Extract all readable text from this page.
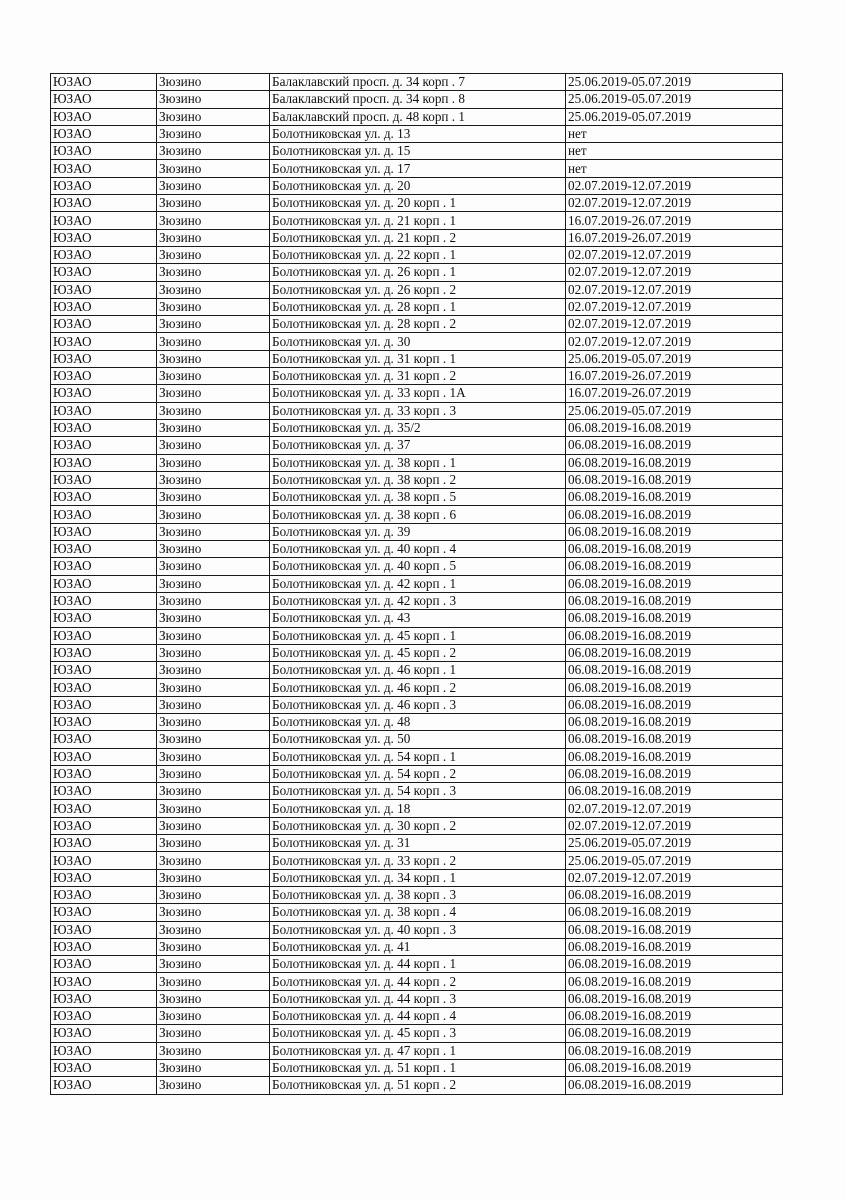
ЮЗАО	Зюзино	Балаклавский просп. д. 34 корп . 7	25.06.2019-05.07.2019
ЮЗАО	Зюзино	Балаклавский просп. д. 34 корп . 8	25.06.2019-05.07.2019
ЮЗАО	Зюзино	Балаклавский просп. д. 48 корп . 1	25.06.2019-05.07.2019
ЮЗАО	Зюзино	Болотниковская ул. д. 13	нет
ЮЗАО	Зюзино	Болотниковская ул. д. 15	нет
ЮЗАО	Зюзино	Болотниковская ул. д. 17	нет
ЮЗАО	Зюзино	Болотниковская ул. д. 20	02.07.2019-12.07.2019
ЮЗАО	Зюзино	Болотниковская ул. д. 20 корп . 1	02.07.2019-12.07.2019
ЮЗАО	Зюзино	Болотниковская ул. д. 21 корп . 1	16.07.2019-26.07.2019
ЮЗАО	Зюзино	Болотниковская ул. д. 21 корп . 2	16.07.2019-26.07.2019
ЮЗАО	Зюзино	Болотниковская ул. д. 22 корп . 1	02.07.2019-12.07.2019
ЮЗАО	Зюзино	Болотниковская ул. д. 26 корп . 1	02.07.2019-12.07.2019
ЮЗАО	Зюзино	Болотниковская ул. д. 26 корп . 2	02.07.2019-12.07.2019
ЮЗАО	Зюзино	Болотниковская ул. д. 28 корп . 1	02.07.2019-12.07.2019
ЮЗАО	Зюзино	Болотниковская ул. д. 28 корп . 2	02.07.2019-12.07.2019
ЮЗАО	Зюзино	Болотниковская ул. д. 30	02.07.2019-12.07.2019
ЮЗАО	Зюзино	Болотниковская ул. д. 31 корп . 1	25.06.2019-05.07.2019
ЮЗАО	Зюзино	Болотниковская ул. д. 31 корп . 2	16.07.2019-26.07.2019
ЮЗАО	Зюзино	Болотниковская ул. д. 33 корп . 1А	16.07.2019-26.07.2019
ЮЗАО	Зюзино	Болотниковская ул. д. 33 корп . 3	25.06.2019-05.07.2019
ЮЗАО	Зюзино	Болотниковская ул. д. 35/2	06.08.2019-16.08.2019
ЮЗАО	Зюзино	Болотниковская ул. д. 37	06.08.2019-16.08.2019
ЮЗАО	Зюзино	Болотниковская ул. д. 38 корп . 1	06.08.2019-16.08.2019
ЮЗАО	Зюзино	Болотниковская ул. д. 38 корп . 2	06.08.2019-16.08.2019
ЮЗАО	Зюзино	Болотниковская ул. д. 38 корп . 5	06.08.2019-16.08.2019
ЮЗАО	Зюзино	Болотниковская ул. д. 38 корп . 6	06.08.2019-16.08.2019
ЮЗАО	Зюзино	Болотниковская ул. д. 39	06.08.2019-16.08.2019
ЮЗАО	Зюзино	Болотниковская ул. д. 40 корп . 4	06.08.2019-16.08.2019
ЮЗАО	Зюзино	Болотниковская ул. д. 40 корп . 5	06.08.2019-16.08.2019
ЮЗАО	Зюзино	Болотниковская ул. д. 42 корп . 1	06.08.2019-16.08.2019
ЮЗАО	Зюзино	Болотниковская ул. д. 42 корп . 3	06.08.2019-16.08.2019
ЮЗАО	Зюзино	Болотниковская ул. д. 43	06.08.2019-16.08.2019
ЮЗАО	Зюзино	Болотниковская ул. д. 45 корп . 1	06.08.2019-16.08.2019
ЮЗАО	Зюзино	Болотниковская ул. д. 45 корп . 2	06.08.2019-16.08.2019
ЮЗАО	Зюзино	Болотниковская ул. д. 46 корп . 1	06.08.2019-16.08.2019
ЮЗАО	Зюзино	Болотниковская ул. д. 46 корп . 2	06.08.2019-16.08.2019
ЮЗАО	Зюзино	Болотниковская ул. д. 46 корп . 3	06.08.2019-16.08.2019
ЮЗАО	Зюзино	Болотниковская ул. д. 48	06.08.2019-16.08.2019
ЮЗАО	Зюзино	Болотниковская ул. д. 50	06.08.2019-16.08.2019
ЮЗАО	Зюзино	Болотниковская ул. д. 54 корп . 1	06.08.2019-16.08.2019
ЮЗАО	Зюзино	Болотниковская ул. д. 54 корп . 2	06.08.2019-16.08.2019
ЮЗАО	Зюзино	Болотниковская ул. д. 54 корп . 3	06.08.2019-16.08.2019
ЮЗАО	Зюзино	Болотниковская ул. д. 18	02.07.2019-12.07.2019
ЮЗАО	Зюзино	Болотниковская ул. д. 30 корп . 2	02.07.2019-12.07.2019
ЮЗАО	Зюзино	Болотниковская ул. д. 31	25.06.2019-05.07.2019
ЮЗАО	Зюзино	Болотниковская ул. д. 33 корп . 2	25.06.2019-05.07.2019
ЮЗАО	Зюзино	Болотниковская ул. д. 34 корп . 1	02.07.2019-12.07.2019
ЮЗАО	Зюзино	Болотниковская ул. д. 38 корп . 3	06.08.2019-16.08.2019
ЮЗАО	Зюзино	Болотниковская ул. д. 38 корп . 4	06.08.2019-16.08.2019
ЮЗАО	Зюзино	Болотниковская ул. д. 40 корп . 3	06.08.2019-16.08.2019
ЮЗАО	Зюзино	Болотниковская ул. д. 41	06.08.2019-16.08.2019
ЮЗАО	Зюзино	Болотниковская ул. д. 44 корп . 1	06.08.2019-16.08.2019
ЮЗАО	Зюзино	Болотниковская ул. д. 44 корп . 2	06.08.2019-16.08.2019
ЮЗАО	Зюзино	Болотниковская ул. д. 44 корп . 3	06.08.2019-16.08.2019
ЮЗАО	Зюзино	Болотниковская ул. д. 44 корп . 4	06.08.2019-16.08.2019
ЮЗАО	Зюзино	Болотниковская ул. д. 45 корп . 3	06.08.2019-16.08.2019
ЮЗАО	Зюзино	Болотниковская ул. д. 47 корп . 1	06.08.2019-16.08.2019
ЮЗАО	Зюзино	Болотниковская ул. д. 51 корп . 1	06.08.2019-16.08.2019
ЮЗАО	Зюзино	Болотниковская ул. д. 51 корп . 2	06.08.2019-16.08.2019
